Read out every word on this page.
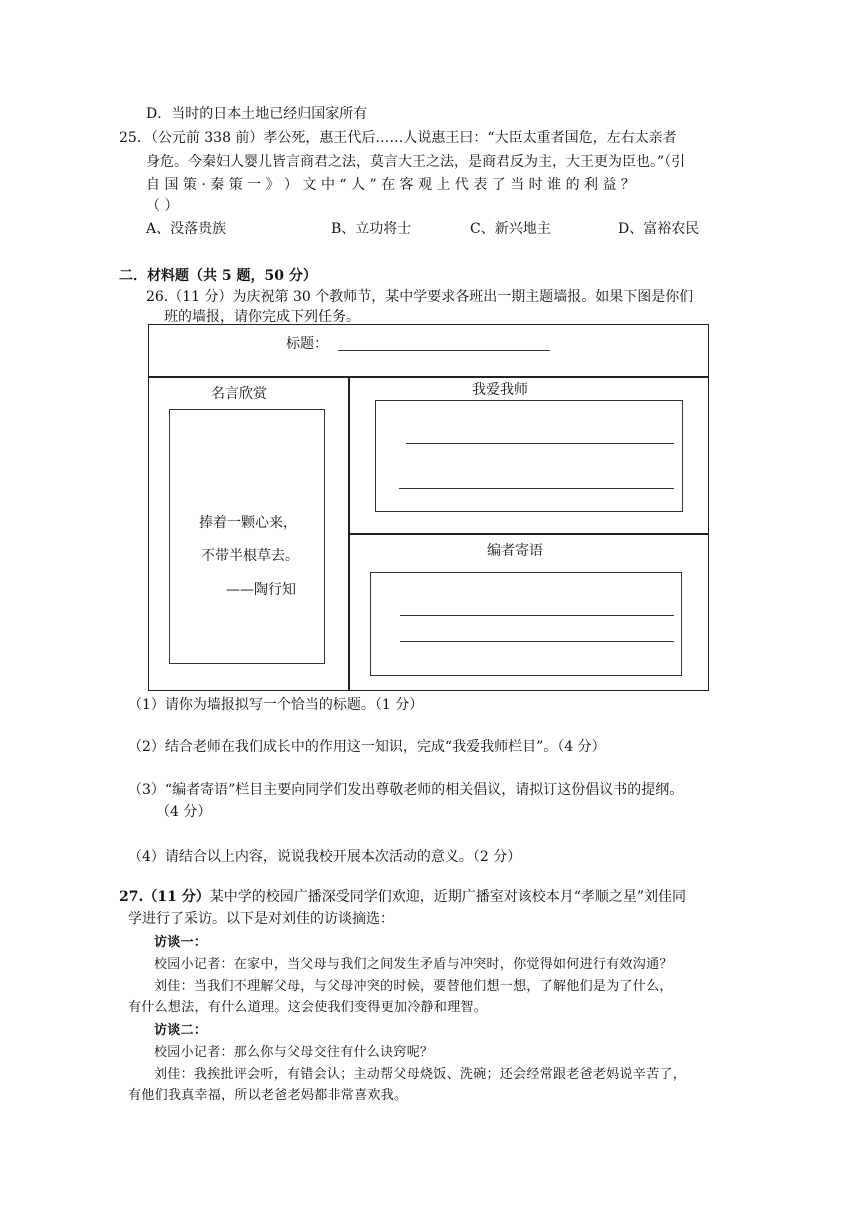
D．当时的日本土地已经归国家所有
25．（公元前 338 前）孝公死，惠王代后……人说惠王曰：“大臣太重者国危，左右太亲者
身危。今秦妇人婴儿皆言商君之法，莫言大王之法，是商君反为主，大王更为臣也。”（引
自 国 策 · 秦 策 一 》 ） 文 中 “ 人 ” 在 客 观 上 代 表 了 当 时 谁 的 利 益 ？
（ ）
A、没落贵族	B、立功将士	C、新兴地主	D、富裕农民
二．材料题（共 5 题，50 分）
26.（11 分）为庆祝第 30 个教师节，某中学要求各班出一期主题墙报。如果下图是你们
班的墙报，请你完成下列任务。
标题：
名言欣赏
捧着一颗心来，
不带半根草去。
——陶行知
我爱我师
编者寄语
（1）请你为墙报拟写一个恰当的标题。（1 分）
（2）结合老师在我们成长中的作用这一知识，完成“我爱我师栏目”。（4 分）
（3）“编者寄语”栏目主要向同学们发出尊敬老师的相关倡议，请拟订这份倡议书的提纲。
（4 分）
（4）请结合以上内容，说说我校开展本次活动的意义。（2 分）
27.（11 分）某中学的校园广播深受同学们欢迎，近期广播室对该校本月“孝顺之星”刘佳同
学进行了采访。以下是对刘佳的访谈摘选：
访谈一：
校园小记者：在家中，当父母与我们之间发生矛盾与冲突时，你觉得如何进行有效沟通？
刘佳：当我们不理解父母，与父母冲突的时候，要替他们想一想，了解他们是为了什么，
有什么想法，有什么道理。这会使我们变得更加冷静和理智。
访谈二：
校园小记者：那么你与父母交往有什么诀窍呢？
刘佳：我挨批评会听，有错会认；主动帮父母烧饭、洗碗；还会经常跟老爸老妈说辛苦了，
有他们我真幸福，所以老爸老妈都非常喜欢我。
